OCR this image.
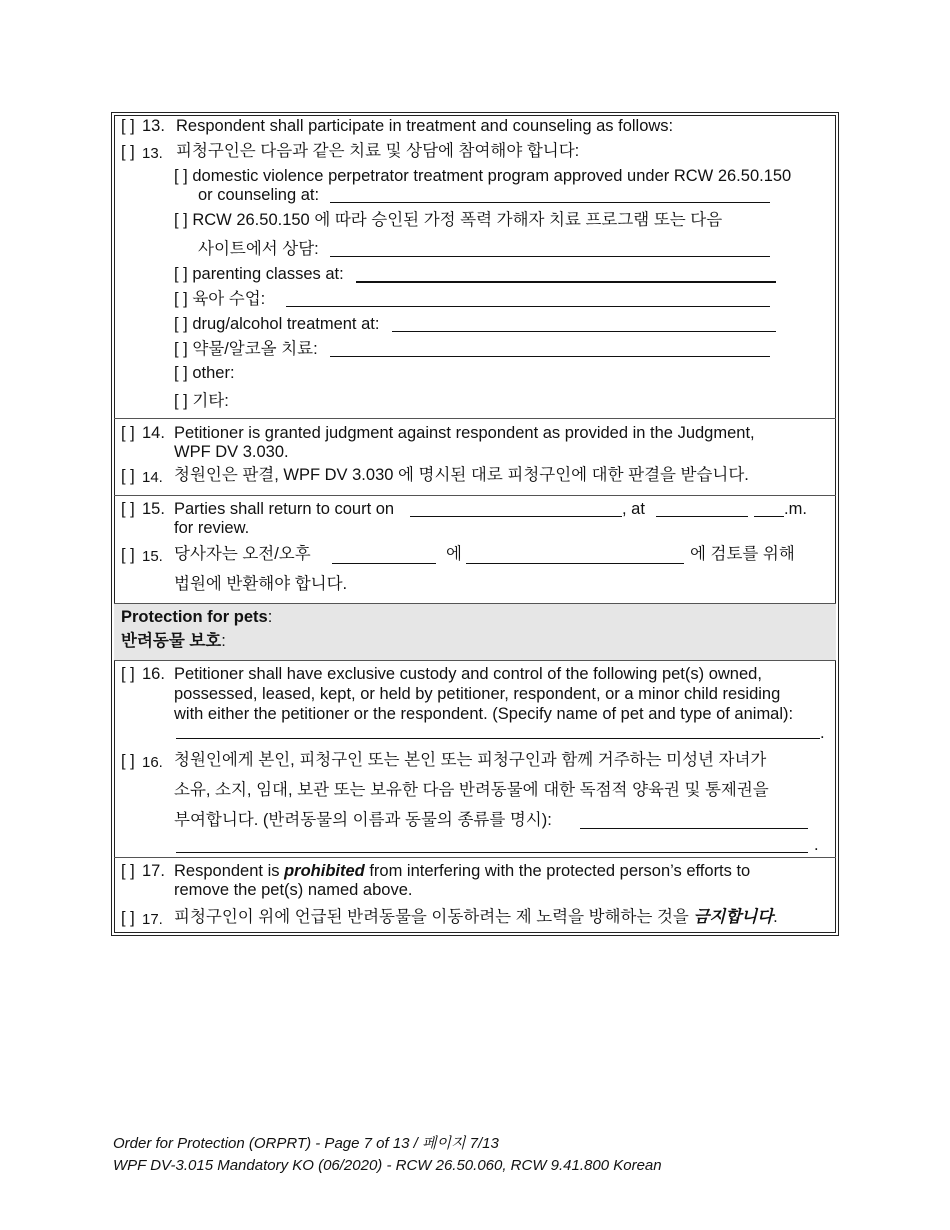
[ ] 13. Respondent shall participate in treatment and counseling as follows:
[ ] 13. 피청구인은 다음과 같은 치료 및 상담에 참여해야 합니다:
[ ] domestic violence perpetrator treatment program approved under RCW 26.50.150
or counseling at:
[ ] RCW 26.50.150 에 따라 승인된 가정 폭력 가해자 치료 프로그램 또는 다음
사이트에서 상담:
[ ] parenting classes at:
[ ] 육아 수업:
[ ] drug/alcohol treatment at:
[ ] 약물/알코올 치료:
[ ] other:
[ ] 기타:
[ ] 14. Petitioner is granted judgment against respondent as provided in the Judgment,
WPF DV 3.030.
[ ] 14. 청원인은 판결, WPF DV 3.030 에 명시된 대로 피청구인에 대한 판결을 받습니다.
[ ] 15. Parties shall return to court on	, at	.m.
for review.
[ ] 15. 당사자는 오전/오후	에	에 검토를 위해
법원에 반환해야 합니다.
Protection for pets:
반려동물 보호:
[ ] 16. Petitioner shall have exclusive custody and control of the following pet(s) owned,
possessed, leased, kept, or held by petitioner, respondent, or a minor child residing
with either the petitioner or the respondent. (Specify name of pet and type of animal):
.
[ ] 16. 청원인에게 본인, 피청구인 또는 본인 또는 피청구인과 함께 거주하는 미성년 자녀가
소유, 소지, 임대, 보관 또는 보유한 다음 반려동물에 대한 독점적 양육권 및 통제권을
부여합니다. (반려동물의 이름과 동물의 종류를 명시):
.
[ ] 17. Respondent is prohibited from interfering with the protected person’s efforts to
remove the pet(s) named above.
[ ] 17. 피청구인이 위에 언급된 반려동물을 이동하려는 제 노력을 방해하는 것을 금지합니다.
Order for Protection (ORPRT) - Page 7 of 13 / 페이지 7/13
WPF DV-3.015 Mandatory KO (06/2020) - RCW 26.50.060, RCW 9.41.800 Korean
